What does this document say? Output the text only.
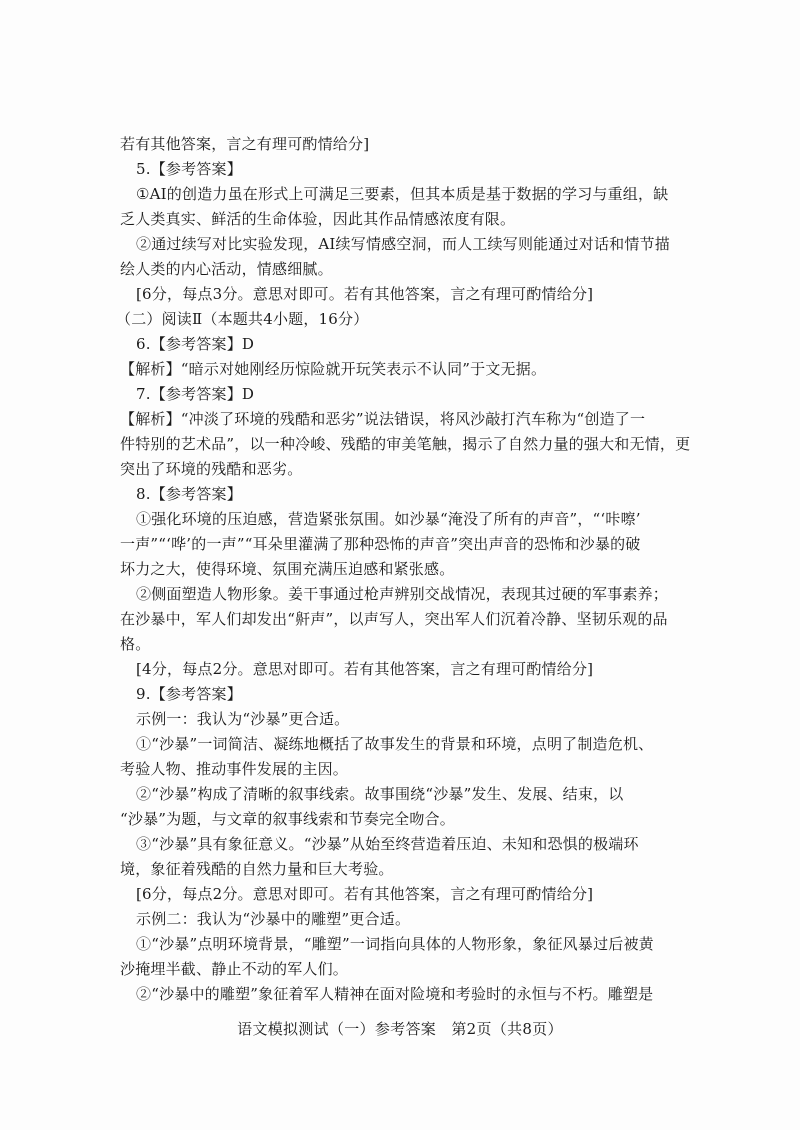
若有其他答案，言之有理可酌情给分]
5.【参考答案】
①AI的创造力虽在形式上可满足三要素，但其本质是基于数据的学习与重组，缺
乏人类真实、鲜活的生命体验，因此其作品情感浓度有限。
②通过续写对比实验发现，AI续写情感空洞，而人工续写则能通过对话和情节描
绘人类的内心活动，情感细腻。
[6分，每点3分。意思对即可。若有其他答案，言之有理可酌情给分]
（二）阅读Ⅱ（本题共4小题，16分）
6.【参考答案】D
【解析】“暗示对她刚经历惊险就开玩笑表示不认同”于文无据。
7.【参考答案】D
【解析】“冲淡了环境的残酷和恶劣”说法错误，将风沙敲打汽车称为“创造了一
件特别的艺术品”，以一种冷峻、残酷的审美笔触，揭示了自然力量的强大和无情，更
突出了环境的残酷和恶劣。
8.【参考答案】
①强化环境的压迫感，营造紧张氛围。如沙暴“淹没了所有的声音”，“‘咔嚓’
一声”“‘哗’的一声”“耳朵里灌满了那种恐怖的声音”突出声音的恐怖和沙暴的破
坏力之大，使得环境、氛围充满压迫感和紧张感。
②侧面塑造人物形象。姜干事通过枪声辨别交战情况，表现其过硬的军事素养；
在沙暴中，军人们却发出“鼾声”，以声写人，突出军人们沉着冷静、坚韧乐观的品
格。
[4分，每点2分。意思对即可。若有其他答案，言之有理可酌情给分]
9.【参考答案】
示例一：我认为“沙暴”更合适。
①“沙暴”一词简洁、凝练地概括了故事发生的背景和环境，点明了制造危机、
考验人物、推动事件发展的主因。
②“沙暴”构成了清晰的叙事线索。故事围绕“沙暴”发生、发展、结束，以
“沙暴”为题，与文章的叙事线索和节奏完全吻合。
③“沙暴”具有象征意义。“沙暴”从始至终营造着压迫、未知和恐惧的极端环
境，象征着残酷的自然力量和巨大考验。
[6分，每点2分。意思对即可。若有其他答案，言之有理可酌情给分]
示例二：我认为“沙暴中的雕塑”更合适。
①“沙暴”点明环境背景，“雕塑”一词指向具体的人物形象，象征风暴过后被黄
沙掩埋半截、静止不动的军人们。
②“沙暴中的雕塑”象征着军人精神在面对险境和考验时的永恒与不朽。雕塑是
语文模拟测试（一）参考答案　第2页（共8页）
